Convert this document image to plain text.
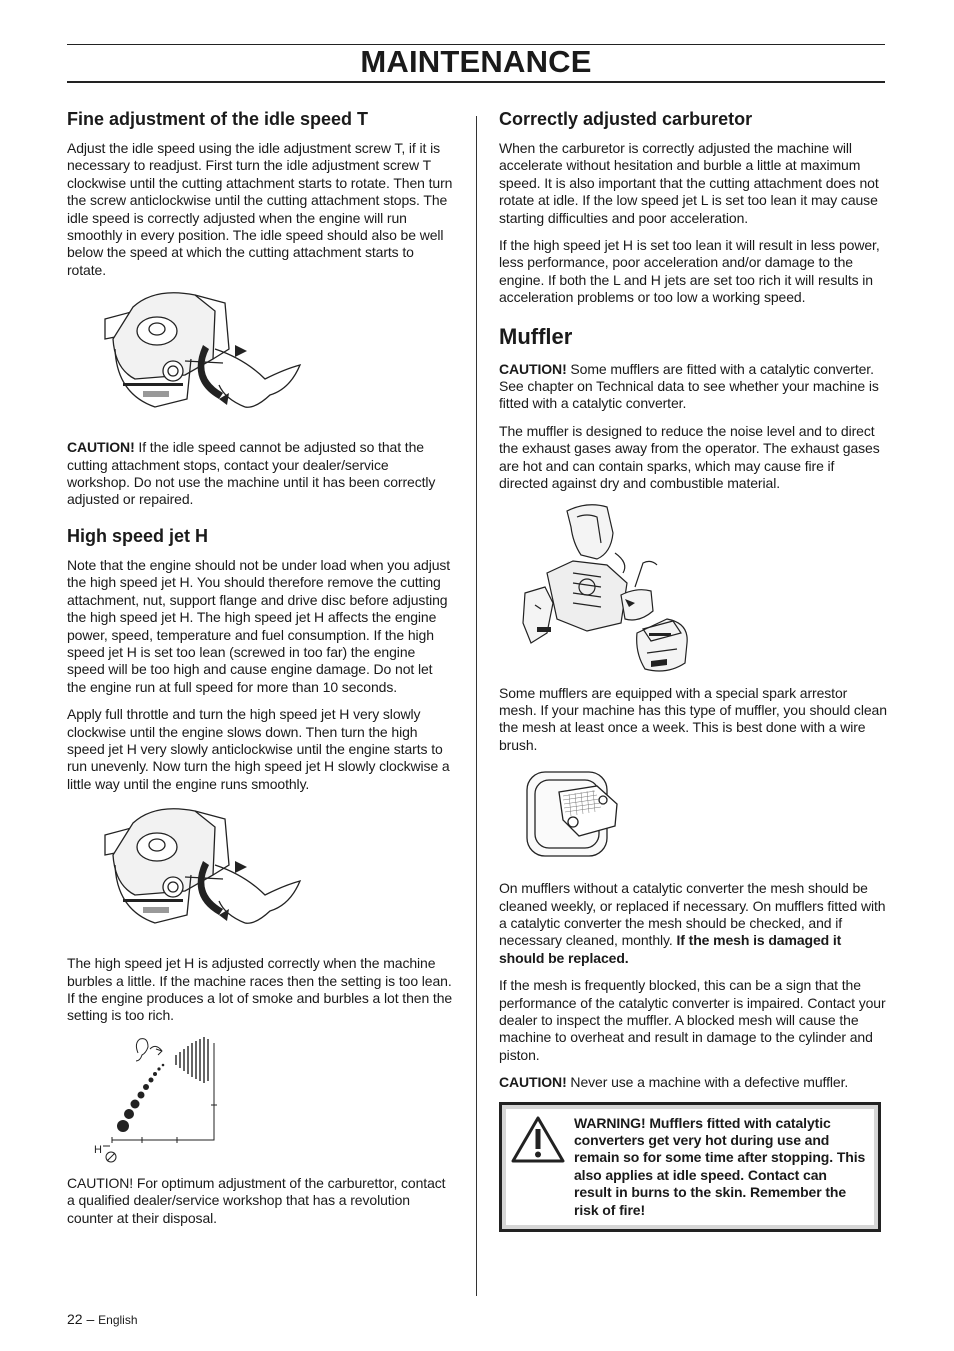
MAINTENANCE
Fine adjustment of the idle speed T

Adjust the idle speed using the idle adjustment screw T, if it is necessary to readjust. First turn the idle adjustment screw T clockwise until the cutting attachment starts to rotate. Then turn the screw anticlockwise until the cutting attachment stops. The idle speed is correctly adjusted when the engine will run smoothly in every position. The idle speed should also be well below the speed at which the cutting attachment starts to rotate.

CAUTION! If the idle speed cannot be adjusted so that the cutting attachment stops, contact your dealer/service workshop. Do not use the machine until it has been correctly adjusted or repaired.

High speed jet H

Note that the engine should not be under load when you adjust the high speed jet H. You should therefore remove the cutting attachment, nut, support flange and drive disc before adjusting the high speed jet H. The high speed jet H affects the engine power, speed, temperature and fuel consumption. If the high speed jet H is set too lean (screwed in too far) the engine speed will be too high and cause engine damage. Do not let the engine run at full speed for more than 10 seconds.

Apply full throttle and turn the high speed jet H very slowly clockwise until the engine slows down. Then turn the high speed jet H very slowly anticlockwise until the engine starts to run unevenly. Now turn the high speed jet H slowly clockwise a little way until the engine runs smoothly.

The high speed jet H is adjusted correctly when the machine burbles a little. If the machine races then the setting is too lean. If the engine produces a lot of smoke and burbles a lot then the setting is too rich.

H

CAUTION! For optimum adjustment of the carburettor, contact a qualified dealer/service workshop that has a revolution counter at their disposal.

Correctly adjusted carburetor

When the carburetor is correctly adjusted the machine will accelerate without hesitation and burble a little at maximum speed. It is also important that the cutting attachment does not rotate at idle. If the low speed jet L is set too lean it may cause starting difficulties and poor acceleration.

If the high speed jet H is set too lean it will result in less power, less performance, poor acceleration and/or damage to the engine. If both the L and H jets are set too rich it will results in acceleration problems or too low a working speed.

Muffler

CAUTION! Some mufflers are fitted with a catalytic converter. See chapter on Technical data to see whether your machine is fitted with a catalytic converter.

The muffler is designed to reduce the noise level and to direct the exhaust gases away from the operator. The exhaust gases are hot and can contain sparks, which may cause fire if directed against dry and combustible material.

Some mufflers are equipped with a special spark arrestor mesh. If your machine has this type of muffler, you should clean the mesh at least once a week. This is best done with a wire brush.

On mufflers without a catalytic converter the mesh should be cleaned weekly, or replaced if necessary. On mufflers fitted with a catalytic converter the mesh should be checked, and if necessary cleaned, monthly. If the mesh is damaged it should be replaced.

If the mesh is frequently blocked, this can be a sign that the performance of the catalytic converter is impaired. Contact your dealer to inspect the muffler. A blocked mesh will cause the machine to overheat and result in damage to the cylinder and piston.

CAUTION! Never use a machine with a defective muffler.

WARNING! Mufflers fitted with catalytic converters get very hot during use and remain so for some time after stopping. This also applies at idle speed. Contact can result in burns to the skin. Remember the risk of fire!

22 – English
